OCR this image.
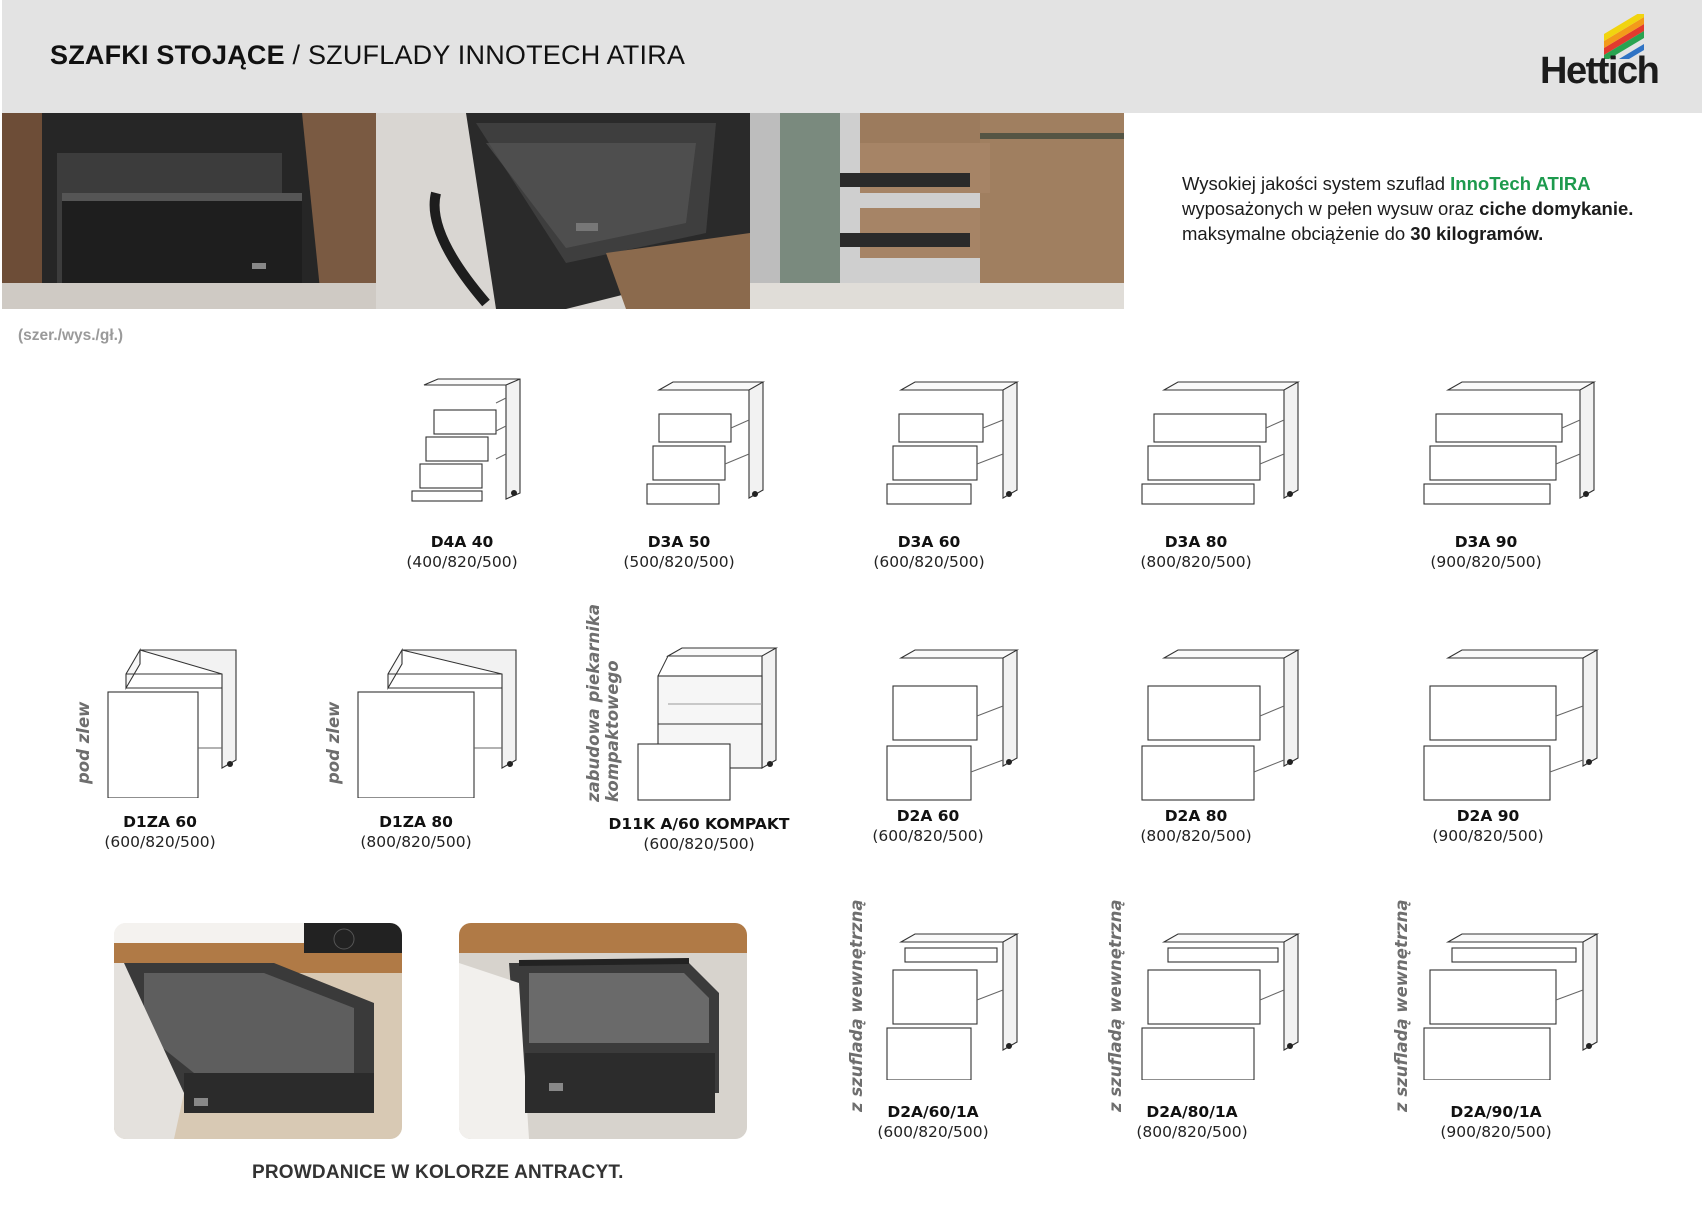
SZAFKI STOJĄCE / SZUFLADY INNOTECH ATIRA	Hettich
Wysokiej jakości system szuflad InnoTech ATIRA
wyposażonych w pełen wysuw oraz ciche domykanie.
maksymalne obciążenie do 30 kilogramów.
(szer./wys./gł.)
D4A 40
(400/820/500)
D3A 50
(500/820/500)
D3A 60
(600/820/500)
D3A 80
(800/820/500)
D3A 90
(900/820/500)
pod zlew
D1ZA 60
(600/820/500)
pod zlew
D1ZA 80
(800/820/500)
zabudowa piekarnika kompaktowego
D11K A/60 KOMPAKT
(600/820/500)
D2A 60
(600/820/500)
D2A 80
(800/820/500)
D2A 90
(900/820/500)
PROWDANICE W KOLORZE ANTRACYT.
z szufladą wewnętrzną	D2A/60/1A
(600/820/500)
z szufladą wewnętrzną	D2A/80/1A
(800/820/500)
z szufladą wewnętrzną	D2A/90/1A
(900/820/500)
